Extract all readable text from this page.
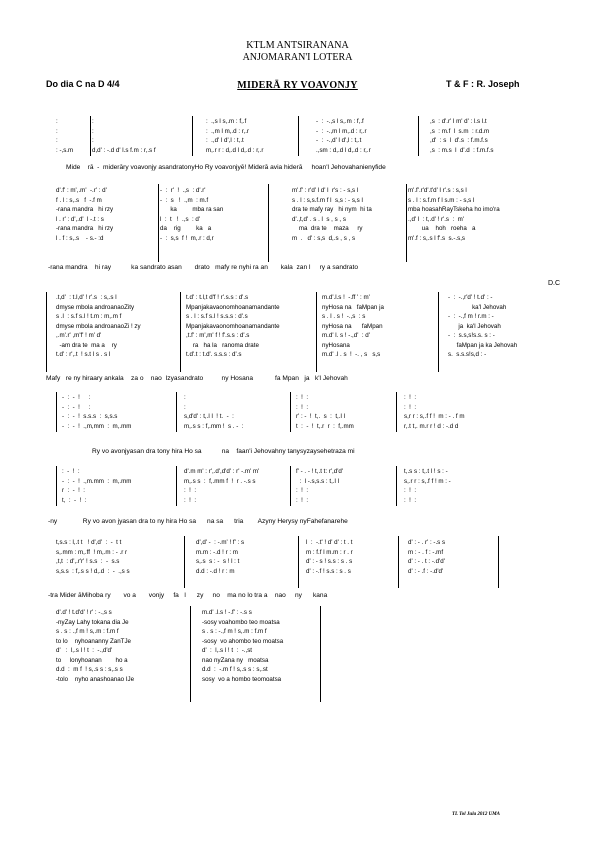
KTLM ANTSIRANANA
ANJOMARAN'I LOTERA
Do dia C na D 4/4	MIDERĀ RY VOAVONJY	T & F : R. Joseph
D.C
:
:
:
: -,s.m
:
:
:
d,d' : -.d d' l.s f.m : r,.s f
:  .,s l s,.m : f,.f
:  .,m l m,.d : r,.r
:  .,d' l d',l : t,.t
m,.r r : d,.d l d,.d : r,.r
-  :  -.,s l s,.m : f,.f
-  :  -.,m l m,.d : r,.r
-  :  -.,d' l d',l : t,.t
.,sm : d,.d l d,.d : r,.r
,s  : d'.r' l m' d' : l.s l.t
,s  : m.f  l  s.m  : r.d.m
,d'  : s  l  d'.s  : f.m.f.s
,s  : m.s  l  d'.d  : f.m.f.s
Mide    rā  -  miderāry voavonjy asandratonyHo Ry voavonjyē! Miderā avia hiderā     hoan'l Jehovahanienyfide
d'.f' : m',.m'  -.r' : d'
f . l : s,.s   f  -.f m
-rana mandra   hi rzy
l . r' : d',.d'  l -.t : s
-rana mandra   hi rzy
l . f : s,.s    - s.- :d
-  :  r'  !  .,s  : d'.r'
-  :  s   !  .,m  : m.f
ka         mba ra san
l  :  t   !  .,s  : d'
da    rig         ka   a
-  :  s,s  f !  m,.r : d,r
m'.f' : r'd' l d' l  r's : - s,s l
s . l : s,s.f.m f l  s,s : - s,s l
dra te mafy ray   hi nym  hi ta
d'.,t,d' . s . l  s , s , s
ma  dra te    maza     ry
m  .   d' : s,s  d,.s , s , s
m'.f'.r'd'.t'd' l r'.s : s,s l
s . l : s.f.m f l s.m : - s,s l
mba hoasahRayTskeha ho imo'ra
.,d' l  : t,.d' ! r'.s  :  m'
ua    hoh   roeha   a
m'.f : s,.s l f'.s  s.-.s,s
-rana mandra    hi ray           ka sandrato asan       drato   mafy re nyhi ra an       kala  zan l     ry a sandrato
.t,d'  : t.l,d' ! r'.s  : s,.s l
dmyse mbola androanaoZity
s .l  : s.f s.l ! t.m : m,.m f
dmyse mbola androanaoZi ! zy
,.m'.r' ,m'f' ! m' d'
-am dra te  ma a    ry
t.d' : r',.t  ! s.t l s . s l
t.d' : t.l,t d'f ! r'.s.s : d'.s
Mpanjakavaonomhoanamandante
s . l : s.f s.l ! s.s.s : d'.s
Mpanjakavaonomhoanamandante
,t.f' : m',m' f ! f'.s.s : d'.s
ra   ha la   ranoma drate
t.d'.t : t.d'. s.s.s : d'.s
m.d'.l.s !  -.ff ' : m'
nyHosa na   faMpan ja
s . l . s !  -.,s  : s
nyHosa na      faMpan
m.d' l. s ! -.,d'  : d'
nyHosana
m.d' .l . s  !  -. , s   s,s
-  :  -.,r'd' ! t.d' : -
ka'l Jehovah
-  :  -.,f m ! r.m : -
ja  ka'l Jehovah
-  :  s.s,s!s.s. s : -
faMpan ja ka Jehovah
s.  s.s.s!s,d : -
Mafy   re ny hiraary ankala    za o    nao  Izyasandrato          ny Hosana            fa Mpan   ja   k'l Jehovah
-  :  -  !     :
-  :  -  !     :
-  :  -  !  s.s.s  :  s,s.s
-  :  -  !  .,m,mm  :  m,.mm
:
:
s,d'd' : t,.l l  ! t.  -  :
m,.s s : f,.mm !  s . -  :
:  !  :
:  !  :
r' : -  !  t,.  s  :  t,.l l
t  :  -  !  t,.r  r  :  f,.mm
:  !  :
:  !  :
s,r r : s,.f f !  m : - . f m
r,.t t,. m.r r ! d : -.d d
Ry vo avonjyasan dra tony hira Ho sa           na    faan'i Jehovahny tanysyzaysehetraza mi
:  -  !  :
-  :  -  !  .,m.mm  :  m,.mm
r  :  -  !  :
t,  :  -  !  :
d'.m m' : r',.d',d'd' : r' -.m' m'
m,.s s  :  f,.mm f  !  r . -.s s
:  !  :
:  !  :
f' - . - ! t,.t t: r',d'd'
:  l -.s,s.s : t,.l l
:  !  :
:  !  :
t,.s s : t,.t l ! s : -
s,.r r : s,.f f ! m : -
:  !  :
:  !  :
-ny              Ry vo avon jyasan dra to ny hira Ho sa      na sa      tria        Azyny Herysy nyFahefanarehe
t,s.s : l,.t t   ! d',d'  :  -  t t
s,.mm : m,.ff  ! m,.m : - .r r
,t,t  : d',.r'r' ! s.s  :  -  s.s
s,s.s  : f,.s s ! d,.d  :  -  .,s s
d',d' -  : -.m' ! f' : s
m.m : -.d ! r : m
s,.s  s : -  s ! l : t
d.d : -.d ! r : m
l  :  -.t' ! d' d' : t . t
m : f.f l m.m : r . r
d' : - s ! s.s : s . s
d' : -.f ! s.s : s . s
d' : - . r' : -.s s
m : - . f : -.mf
d' : - . t : -.d'd'
d' : - .f : -.d'd'
-tra Mider āMihoba ry       vo a       vonjy     fa   l      zy     no    ma no lo tra a    nao     ny      kana
d'.d' ! t.d'd' ! r' : -.,s s
-nyZay Lahy tokana dia Je
s . s : .,f m ! s,.m : f.m f
to lo    nyhoananny ZanTJe
d'   :  l,.s l ! t  :  -.,d'd'
to     lonyhoanan        ho a
d.d  :  m f  ! s,.s s : s,.s s
-tolo    nyho anashoanao IJe
m.d' .l.s ! -.f' : -.s s
-sosy voahombo teo moatsa
s . s : -.,f m ! s,.m : f.m f
-sosy  vo ahombo teo moatsa
d'  :  l,.s l ! t  :  -.,st
nao nyZana ny   moatsa
d.d  :  -.m f ! s,.s s : s,.st
sosy  vo a hombo teomoatsa
TL Tol Jula 2012 UMA
